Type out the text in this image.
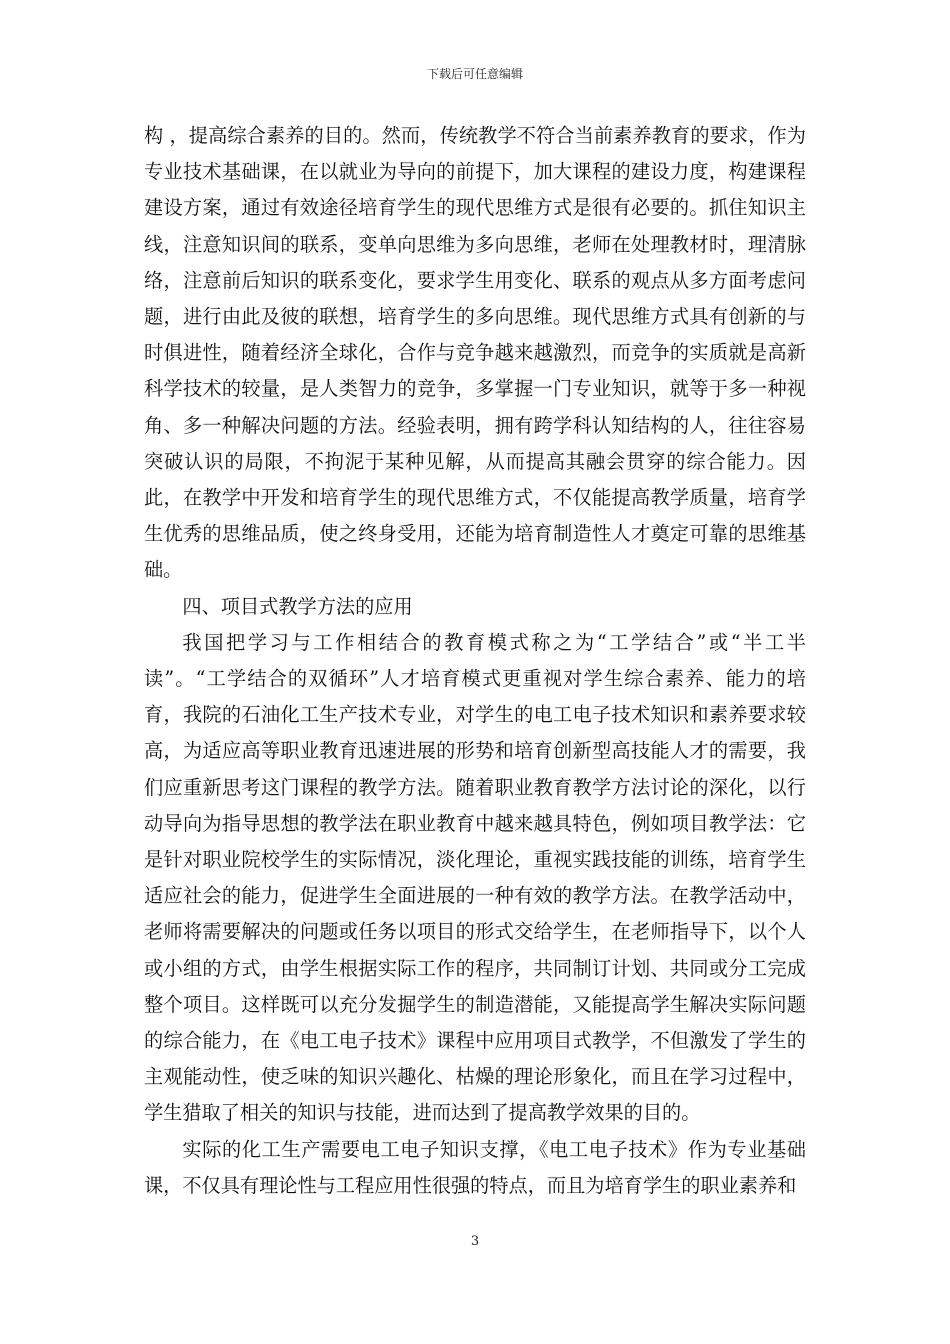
下载后可任意编辑

构 ，提高综合素养的目的。然而，传统教学不符合当前素养教育的要求，作为专业技术基础课，在以就业为导向的前提下，加大课程的建设力度，构建课程建设方案，通过有效途径培育学生的现代思维方式是很有必要的。抓住知识主线，注意知识间的联系，变单向思维为多向思维，老师在处理教材时，理清脉络，注意前后知识的联系变化，要求学生用变化、联系的观点从多方面考虑问题，进行由此及彼的联想，培育学生的多向思维。现代思维方式具有创新的与时俱进性，随着经济全球化，合作与竞争越来越激烈，而竞争的实质就是高新科学技术的较量，是人类智力的竞争，多掌握一门专业知识，就等于多一种视角、多一种解决问题的方法。经验表明，拥有跨学科认知结构的人，往往容易突破认识的局限，不拘泥于某种见解，从而提高其融会贯穿的综合能力。因此，在教学中开发和培育学生的现代思维方式，不仅能提高教学质量，培育学生优秀的思维品质，使之终身受用，还能为培育制造性人才奠定可靠的思维基础。

四、项目式教学方法的应用

我国把学习与工作相结合的教育模式称之为“工学结合”或“半工半读”。“工学结合的双循环”人才培育模式更重视对学生综合素养、能力的培育，我院的石油化工生产技术专业，对学生的电工电子技术知识和素养要求较高，为适应高等职业教育迅速进展的形势和培育创新型高技能人才的需要，我们应重新思考这门课程的教学方法。随着职业教育教学方法讨论的深化，以行动导向为指导思想的教学法在职业教育中越来越具特色，例如项目教学法：它是针对职业院校学生的实际情况，淡化理论，重视实践技能的训练，培育学生适应社会的能力，促进学生全面进展的一种有效的教学方法。在教学活动中，老师将需要解决的问题或任务以项目的形式交给学生，在老师指导下，以个人或小组的方式，由学生根据实际工作的程序，共同制订计划、共同或分工完成整个项目。这样既可以充分发掘学生的制造潜能，又能提高学生解决实际问题的综合能力，在《电工电子技术》课程中应用项目式教学，不但激发了学生的主观能动性，使乏味的知识兴趣化、枯燥的理论形象化，而且在学习过程中，学生猎取了相关的知识与技能，进而达到了提高教学效果的目的。

实际的化工生产需要电工电子知识支撑，《电工电子技术》作为专业基础课，不仅具有理论性与工程应用性很强的特点，而且为培育学生的职业素养和

3
